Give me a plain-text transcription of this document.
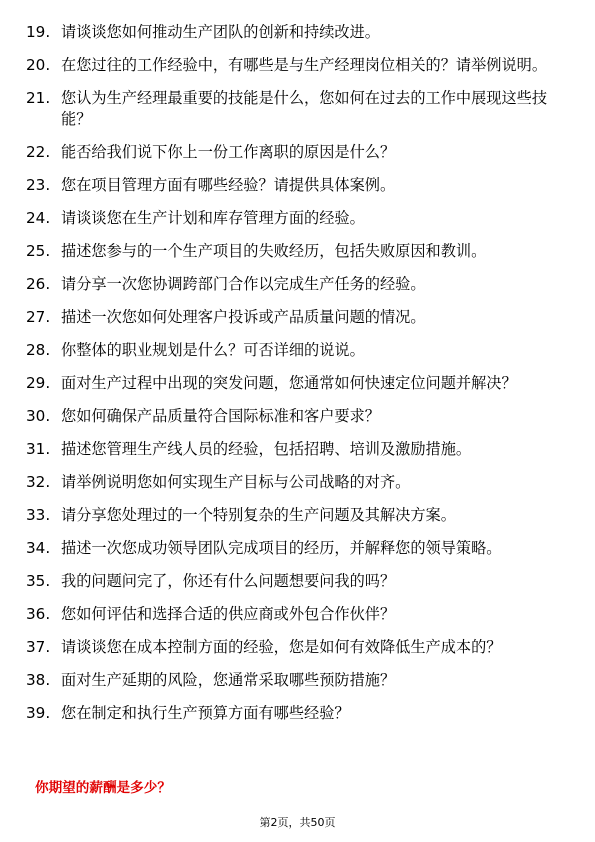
19. 请谈谈您如何推动生产团队的创新和持续改进。
20. 在您过往的工作经验中，有哪些是与生产经理岗位相关的？请举例说明。
21. 您认为生产经理最重要的技能是什么，您如何在过去的工作中展现这些技能？
22. 能否给我们说下你上一份工作离职的原因是什么？
23. 您在项目管理方面有哪些经验？请提供具体案例。
24. 请谈谈您在生产计划和库存管理方面的经验。
25. 描述您参与的一个生产项目的失败经历，包括失败原因和教训。
26. 请分享一次您协调跨部门合作以完成生产任务的经验。
27. 描述一次您如何处理客户投诉或产品质量问题的情况。
28. 你整体的职业规划是什么？可否详细的说说。
29. 面对生产过程中出现的突发问题，您通常如何快速定位问题并解决？
30. 您如何确保产品质量符合国际标准和客户要求？
31. 描述您管理生产线人员的经验，包括招聘、培训及激励措施。
32. 请举例说明您如何实现生产目标与公司战略的对齐。
33. 请分享您处理过的一个特别复杂的生产问题及其解决方案。
34. 描述一次您成功领导团队完成项目的经历，并解释您的领导策略。
35. 我的问题问完了，你还有什么问题想要问我的吗？
36. 您如何评估和选择合适的供应商或外包合作伙伴？
37. 请谈谈您在成本控制方面的经验，您是如何有效降低生产成本的？
38. 面对生产延期的风险，您通常采取哪些预防措施？
39. 您在制定和执行生产预算方面有哪些经验？
你期望的薪酬是多少？
第2页，共50页
